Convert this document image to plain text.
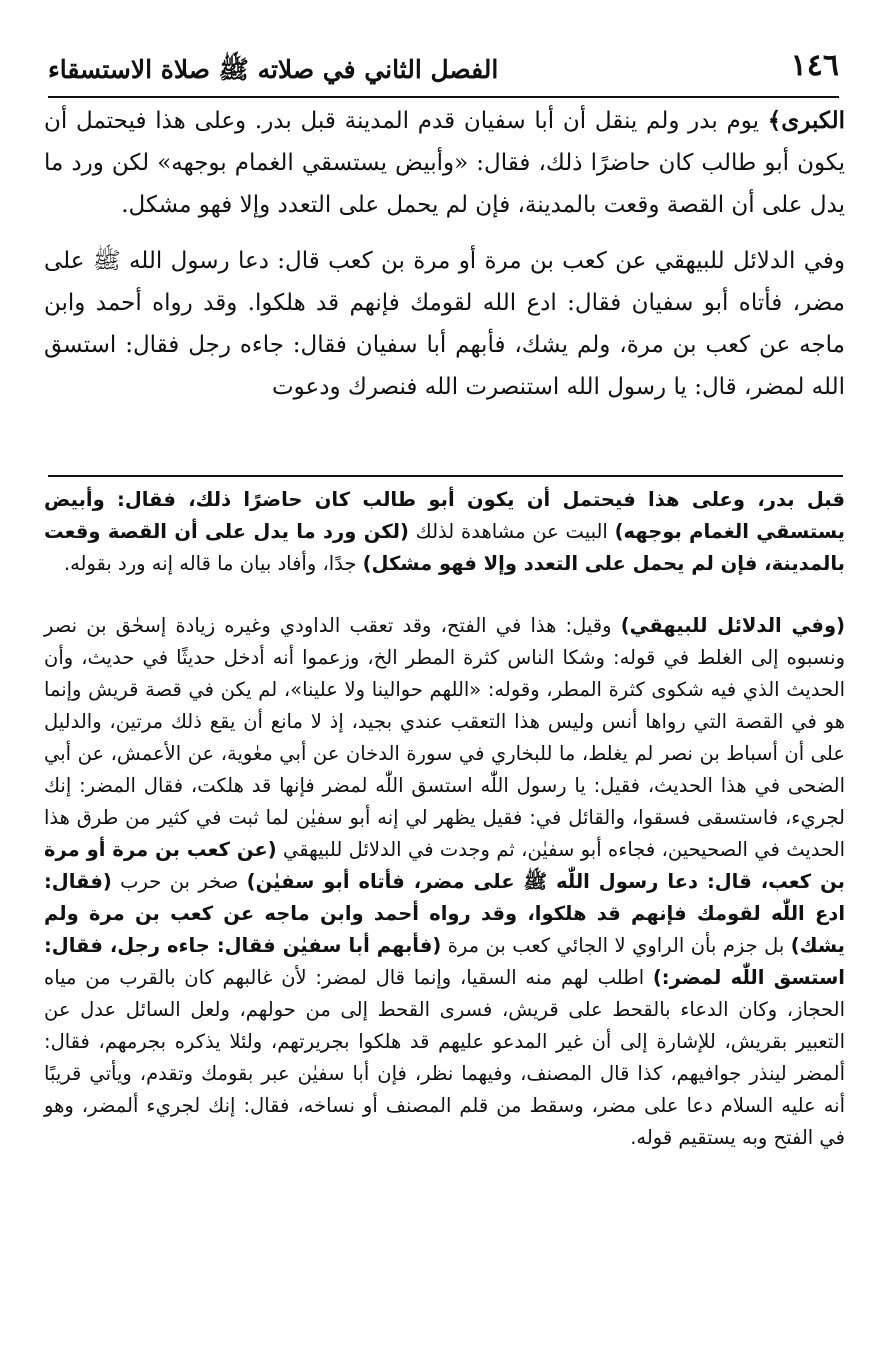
١٤٦
الفصل الثاني في صلاته ﷺ صلاة الاستسقاء

الكبرى﴾ يوم بدر ولم ينقل أن أبا سفيان قدم المدينة قبل بدر. وعلى هذا فيحتمل أن يكون أبو طالب كان حاضرًا ذلك، فقال: «وأبيض يستسقي الغمام بوجهه» لكن ورد ما يدل على أن القصة وقعت بالمدينة، فإن لم يحمل على التعدد وإلا فهو مشكل.

وفي الدلائل للبيهقي عن كعب بن مرة أو مرة بن كعب قال: دعا رسول الله ﷺ على مضر، فأتاه أبو سفيان فقال: ادع الله لقومك فإنهم قد هلكوا. وقد رواه أحمد وابن ماجه عن كعب بن مرة، ولم يشك، فأبهم أبا سفيان فقال: جاءه رجل فقال: استسق الله لمضر، قال: يا رسول الله استنصرت الله فنصرك ودعوت

قبل بدر، وعلى هذا فيحتمل أن يكون أبو طالب كان حاضرًا ذلك، فقال: وأبيض يستسقي الغمام بوجهه) البيت عن مشاهدة لذلك (لكن ورد ما يدل على أن القصة وقعت بالمدينة، فإن لم يحمل على التعدد وإلا فهو مشكل) جدًا، وأفاد بيان ما قاله إنه ورد بقوله.

(وفي الدلائل للبيهقي) وقيل: هذا في الفتح، وقد تعقب الداودي وغيره زيادة إسحٰق بن نصر ونسبوه إلى الغلط في قوله: وشكا الناس كثرة المطر الخ، وزعموا أنه أدخل حديثًا في حديث، وأن الحديث الذي فيه شكوى كثرة المطر، وقوله: «اللهم حوالينا ولا علينا»، لم يكن في قصة قريش وإنما هو في القصة التي رواها أنس وليس هذا التعقب عندي بجيد، إذ لا مانع أن يقع ذلك مرتين، والدليل على أن أسباط بن نصر لم يغلط، ما للبخاري في سورة الدخان عن أبي معٰوية، عن الأعمش، عن أبي الضحى في هذا الحديث، فقيل: يا رسول اللّٰه استسق اللّٰه لمضر فإنها قد هلكت، فقال المضر: إنك لجريء، فاستسقى فسقوا، والقائل في: فقيل يظهر لي إنه أبو سفيٰن لما ثبت في كثير من طرق هذا الحديث في الصحيحين، فجاءه أبو سفيٰن، ثم وجدت في الدلائل للبيهقي (عن كعب بن مرة أو مرة بن كعب، قال: دعا رسول اللّٰه ﷺ على مضر، فأتاه أبو سفيٰن) صخر بن حرب (فقال: ادع اللّٰه لقومك فإنهم قد هلكوا، وقد رواه أحمد وابن ماجه عن كعب بن مرة ولم يشك) بل جزم بأن الراوي لا الجائي كعب بن مرة (فأبهم أبا سفيٰن فقال: جاءه رجل، فقال: استسق اللّٰه لمضر:) اطلب لهم منه السقيا، وإنما قال لمضر: لأن غالبهم كان بالقرب من مياه الحجاز، وكان الدعاء بالقحط على قريش، فسرى القحط إلى من حولهم، ولعل السائل عدل عن التعبير بقريش، للإشارة إلى أن غير المدعو عليهم قد هلكوا بجريرتهم، ولئلا يذكره بجرمهم، فقال: ألمضر لينذر جوافيهم، كذا قال المصنف، وفيهما نظر، فإن أبا سفيٰن عبر بقومك وتقدم، ويأتي قريبًا أنه عليه السلام دعا على مضر، وسقط من قلم المصنف أو نساخه، فقال: إنك لجريء ألمضر، وهو في الفتح وبه يستقيم قوله.
